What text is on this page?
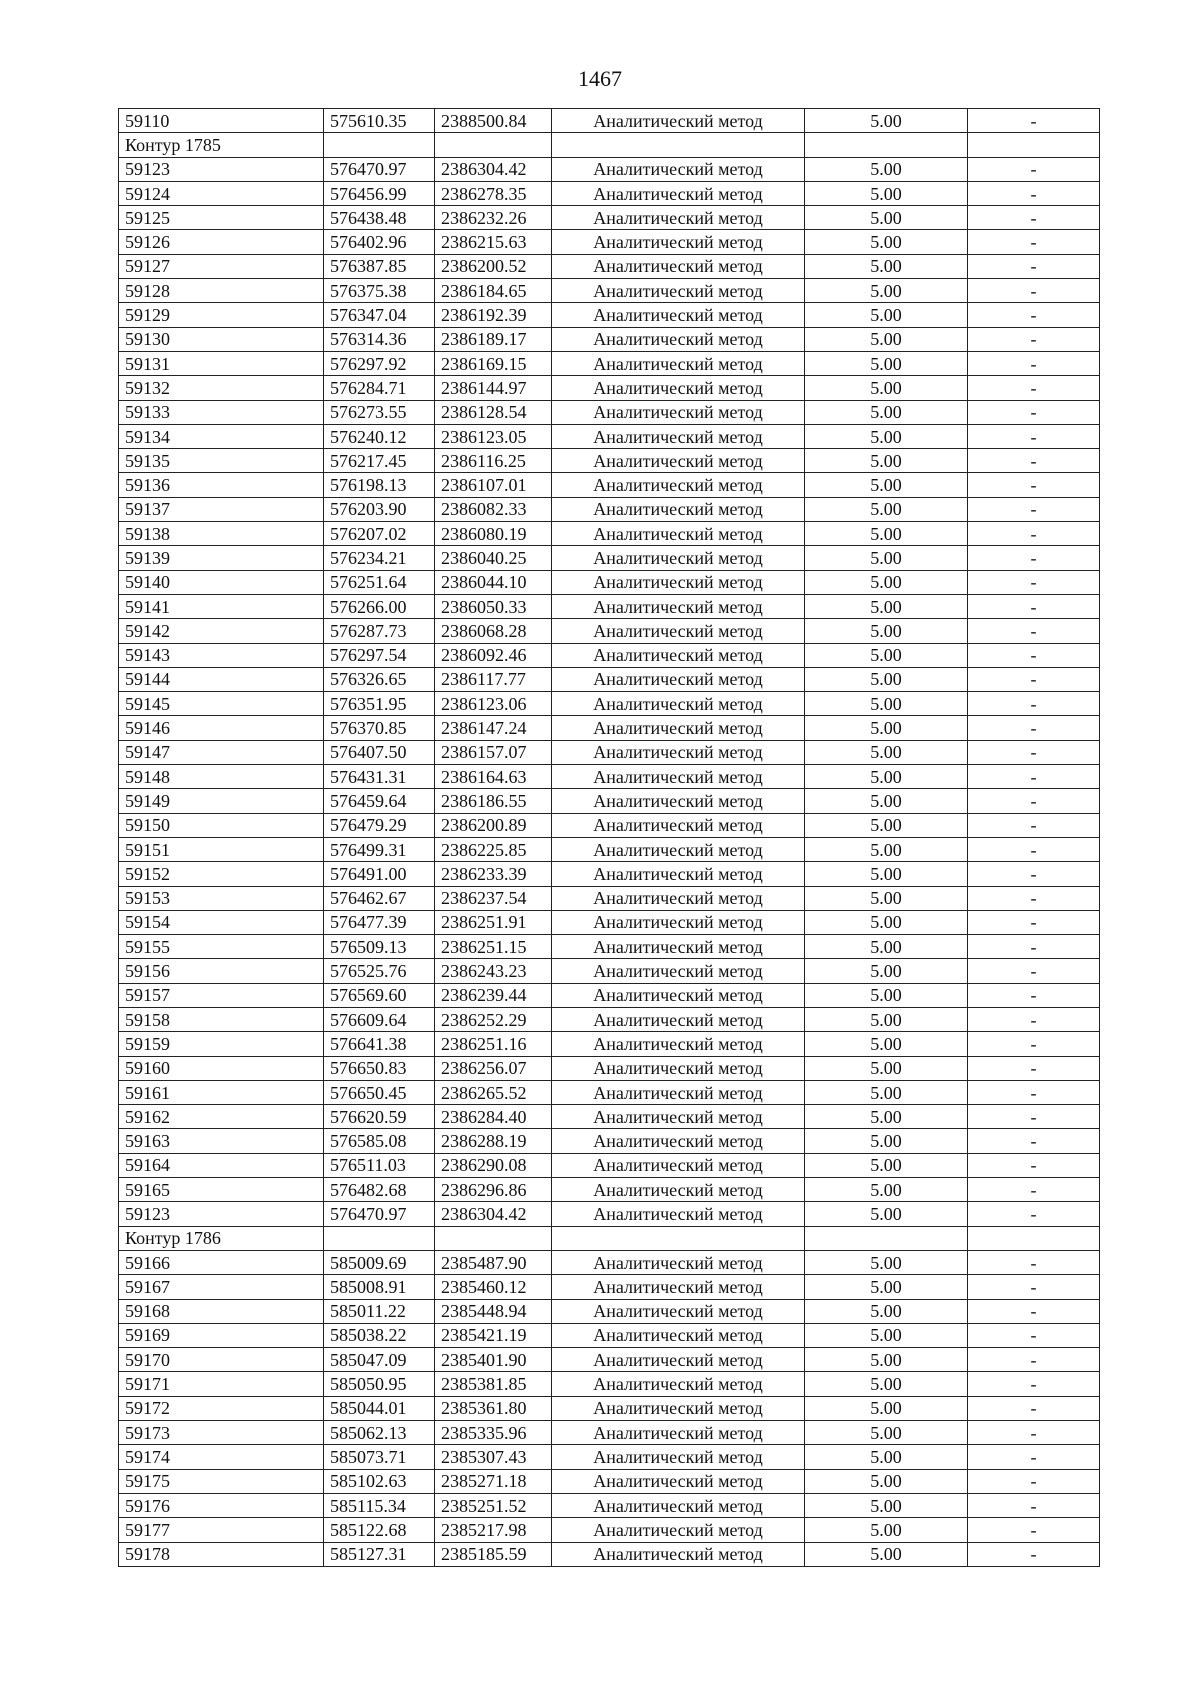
1467
59110	575610.35	2388500.84	Аналитический метод	5.00	-
Контур 1785					
59123	576470.97	2386304.42	Аналитический метод	5.00	-
59124	576456.99	2386278.35	Аналитический метод	5.00	-
59125	576438.48	2386232.26	Аналитический метод	5.00	-
59126	576402.96	2386215.63	Аналитический метод	5.00	-
59127	576387.85	2386200.52	Аналитический метод	5.00	-
59128	576375.38	2386184.65	Аналитический метод	5.00	-
59129	576347.04	2386192.39	Аналитический метод	5.00	-
59130	576314.36	2386189.17	Аналитический метод	5.00	-
59131	576297.92	2386169.15	Аналитический метод	5.00	-
59132	576284.71	2386144.97	Аналитический метод	5.00	-
59133	576273.55	2386128.54	Аналитический метод	5.00	-
59134	576240.12	2386123.05	Аналитический метод	5.00	-
59135	576217.45	2386116.25	Аналитический метод	5.00	-
59136	576198.13	2386107.01	Аналитический метод	5.00	-
59137	576203.90	2386082.33	Аналитический метод	5.00	-
59138	576207.02	2386080.19	Аналитический метод	5.00	-
59139	576234.21	2386040.25	Аналитический метод	5.00	-
59140	576251.64	2386044.10	Аналитический метод	5.00	-
59141	576266.00	2386050.33	Аналитический метод	5.00	-
59142	576287.73	2386068.28	Аналитический метод	5.00	-
59143	576297.54	2386092.46	Аналитический метод	5.00	-
59144	576326.65	2386117.77	Аналитический метод	5.00	-
59145	576351.95	2386123.06	Аналитический метод	5.00	-
59146	576370.85	2386147.24	Аналитический метод	5.00	-
59147	576407.50	2386157.07	Аналитический метод	5.00	-
59148	576431.31	2386164.63	Аналитический метод	5.00	-
59149	576459.64	2386186.55	Аналитический метод	5.00	-
59150	576479.29	2386200.89	Аналитический метод	5.00	-
59151	576499.31	2386225.85	Аналитический метод	5.00	-
59152	576491.00	2386233.39	Аналитический метод	5.00	-
59153	576462.67	2386237.54	Аналитический метод	5.00	-
59154	576477.39	2386251.91	Аналитический метод	5.00	-
59155	576509.13	2386251.15	Аналитический метод	5.00	-
59156	576525.76	2386243.23	Аналитический метод	5.00	-
59157	576569.60	2386239.44	Аналитический метод	5.00	-
59158	576609.64	2386252.29	Аналитический метод	5.00	-
59159	576641.38	2386251.16	Аналитический метод	5.00	-
59160	576650.83	2386256.07	Аналитический метод	5.00	-
59161	576650.45	2386265.52	Аналитический метод	5.00	-
59162	576620.59	2386284.40	Аналитический метод	5.00	-
59163	576585.08	2386288.19	Аналитический метод	5.00	-
59164	576511.03	2386290.08	Аналитический метод	5.00	-
59165	576482.68	2386296.86	Аналитический метод	5.00	-
59123	576470.97	2386304.42	Аналитический метод	5.00	-
Контур 1786					
59166	585009.69	2385487.90	Аналитический метод	5.00	-
59167	585008.91	2385460.12	Аналитический метод	5.00	-
59168	585011.22	2385448.94	Аналитический метод	5.00	-
59169	585038.22	2385421.19	Аналитический метод	5.00	-
59170	585047.09	2385401.90	Аналитический метод	5.00	-
59171	585050.95	2385381.85	Аналитический метод	5.00	-
59172	585044.01	2385361.80	Аналитический метод	5.00	-
59173	585062.13	2385335.96	Аналитический метод	5.00	-
59174	585073.71	2385307.43	Аналитический метод	5.00	-
59175	585102.63	2385271.18	Аналитический метод	5.00	-
59176	585115.34	2385251.52	Аналитический метод	5.00	-
59177	585122.68	2385217.98	Аналитический метод	5.00	-
59178	585127.31	2385185.59	Аналитический метод	5.00	-
